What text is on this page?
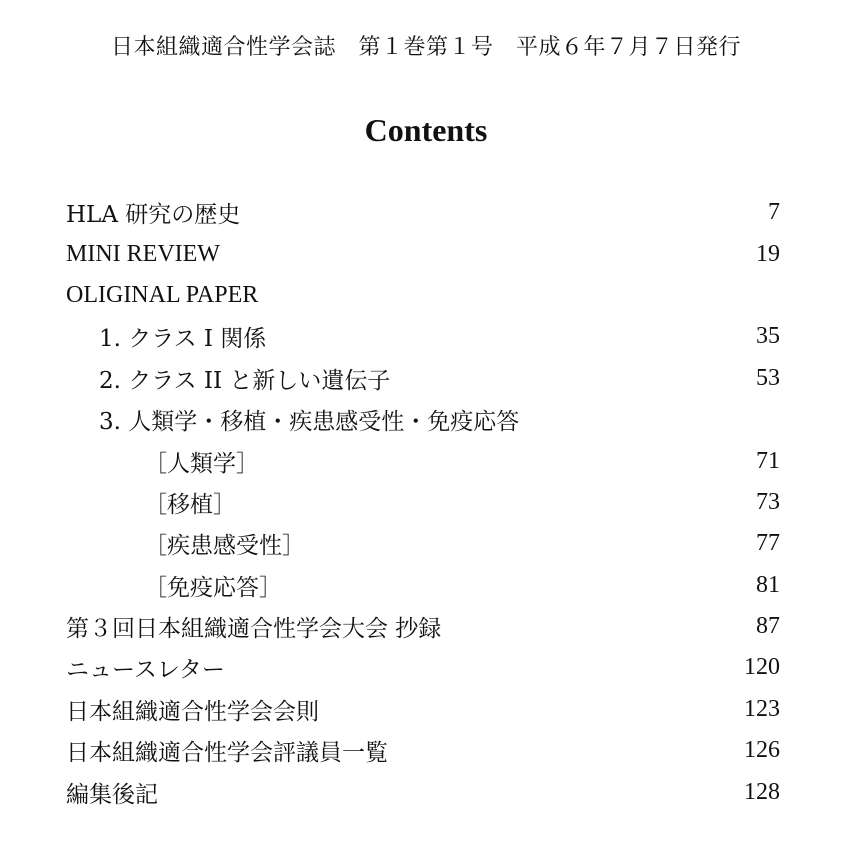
日本組織適合性学会誌　第１巻第１号　平成６年７月７日発行
Contents
HLA 研究の歴史	7
MINI REVIEW	19
OLIGINAL PAPER
1. クラス I 関係	35
2. クラス II と新しい遺伝子	53
3. 人類学・移植・疾患感受性・免疫応答
［人類学］	71
［移植］	73
［疾患感受性］	77
［免疫応答］	81
第３回日本組織適合性学会大会 抄録	87
ニュースレター	120
日本組織適合性学会会則	123
日本組織適合性学会評議員一覧	126
編集後記	128
